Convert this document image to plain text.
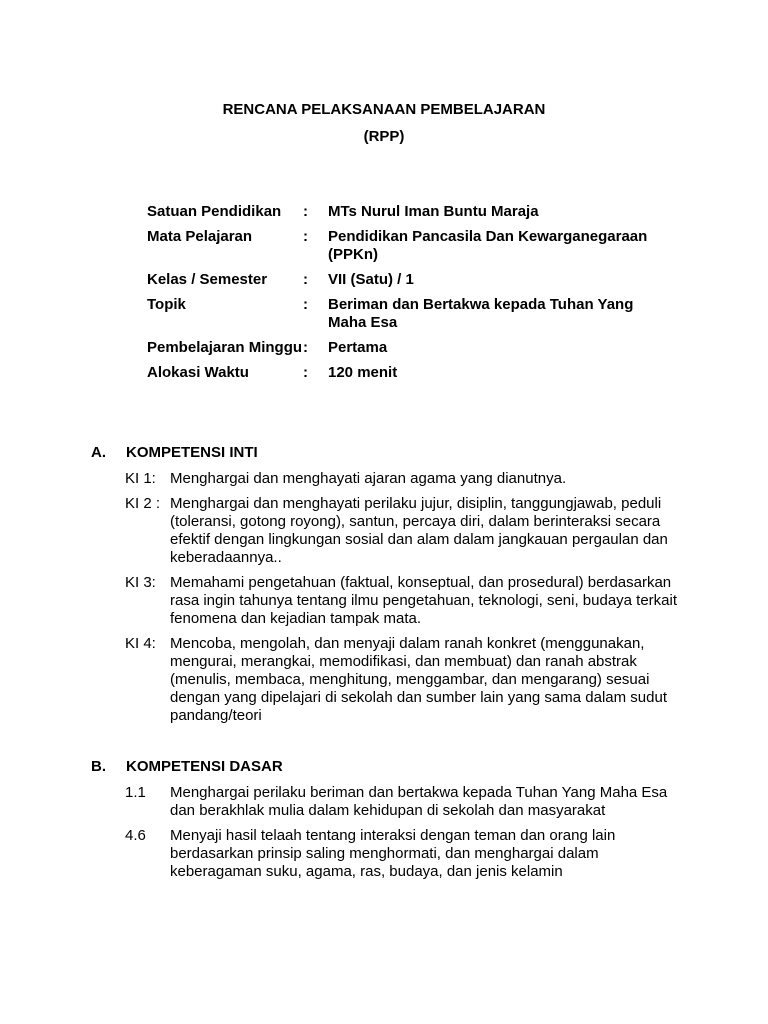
RENCANA PELAKSANAAN PEMBELAJARAN
(RPP)
Satuan Pendidikan	:	MTs Nurul Iman Buntu Maraja
Mata Pelajaran	:	Pendidikan Pancasila Dan Kewarganegaraan (PPKn)
Kelas / Semester	:	VII (Satu) / 1
Topik	:	Beriman dan Bertakwa kepada Tuhan Yang Maha Esa
Pembelajaran Minggu :	Pertama
Alokasi Waktu	:	120 menit
A.	KOMPETENSI INTI
KI 1: Menghargai dan menghayati ajaran agama yang dianutnya.
KI 2 : Menghargai dan menghayati perilaku jujur, disiplin, tanggungjawab, peduli (toleransi, gotong royong), santun, percaya diri, dalam berinteraksi secara efektif dengan lingkungan sosial dan alam dalam jangkauan pergaulan dan keberadaannya..
KI 3: Memahami pengetahuan (faktual, konseptual, dan prosedural) berdasarkan rasa ingin tahunya tentang ilmu pengetahuan, teknologi, seni, budaya terkait fenomena dan kejadian tampak mata.
KI 4: Mencoba, mengolah, dan menyaji dalam ranah konkret (menggunakan, mengurai, merangkai, memodifikasi, dan membuat) dan ranah abstrak (menulis, membaca, menghitung, menggambar, dan mengarang) sesuai dengan yang dipelajari di sekolah dan sumber lain yang sama dalam sudut pandang/teori
B.	KOMPETENSI DASAR
1.1	Menghargai perilaku beriman dan bertakwa kepada Tuhan Yang Maha Esa dan berakhlak mulia dalam kehidupan di sekolah dan masyarakat
4.6	Menyaji hasil telaah tentang interaksi dengan teman dan orang lain berdasarkan prinsip saling menghormati, dan menghargai dalam keberagaman suku, agama, ras, budaya, dan jenis kelamin
